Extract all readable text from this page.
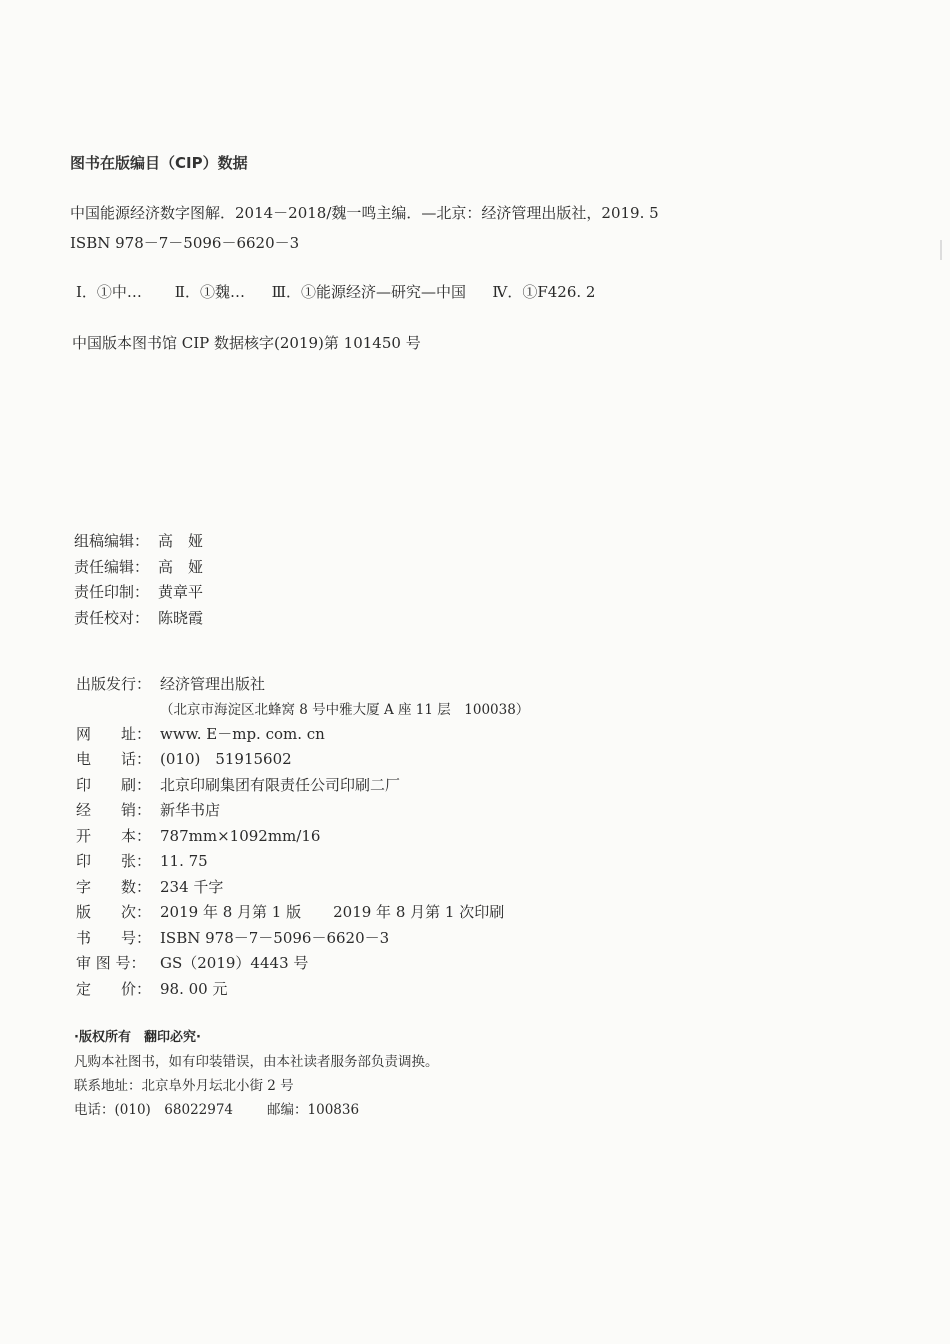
图书在版编目（CIP）数据
中国能源经济数字图解．2014－2018/魏一鸣主编．—北京：经济管理出版社，2019. 5
ISBN 978－7－5096－6620－3
Ⅰ．①中… Ⅱ．①魏… Ⅲ．①能源经济—研究—中国 Ⅳ．①F426. 2
中国版本图书馆 CIP 数据核字(2019)第 101450 号
组稿编辑： 高　娅
责任编辑： 高　娅
责任印制： 黄章平
责任校对： 陈晓霞
出版发行： 经济管理出版社
（北京市海淀区北蜂窝 8 号中雅大厦 A 座 11 层　100038）
网　　址： www. E－mp. com. cn
电　　话： (010)　51915602
印　　刷： 北京印刷集团有限责任公司印刷二厂
经　　销： 新华书店
开　　本： 787mm×1092mm/16
印　　张： 11. 75
字　　数： 234 千字
版　　次： 2019 年 8 月第 1 版 2019 年 8 月第 1 次印刷
书　　号： ISBN 978－7－5096－6620－3
审 图 号： GS（2019）4443 号
定　　价： 98. 00 元
·版权所有　翻印必究·
凡购本社图书，如有印装错误，由本社读者服务部负责调换。
联系地址：北京阜外月坛北小街 2 号
电话：(010)　68022974	邮编：100836
